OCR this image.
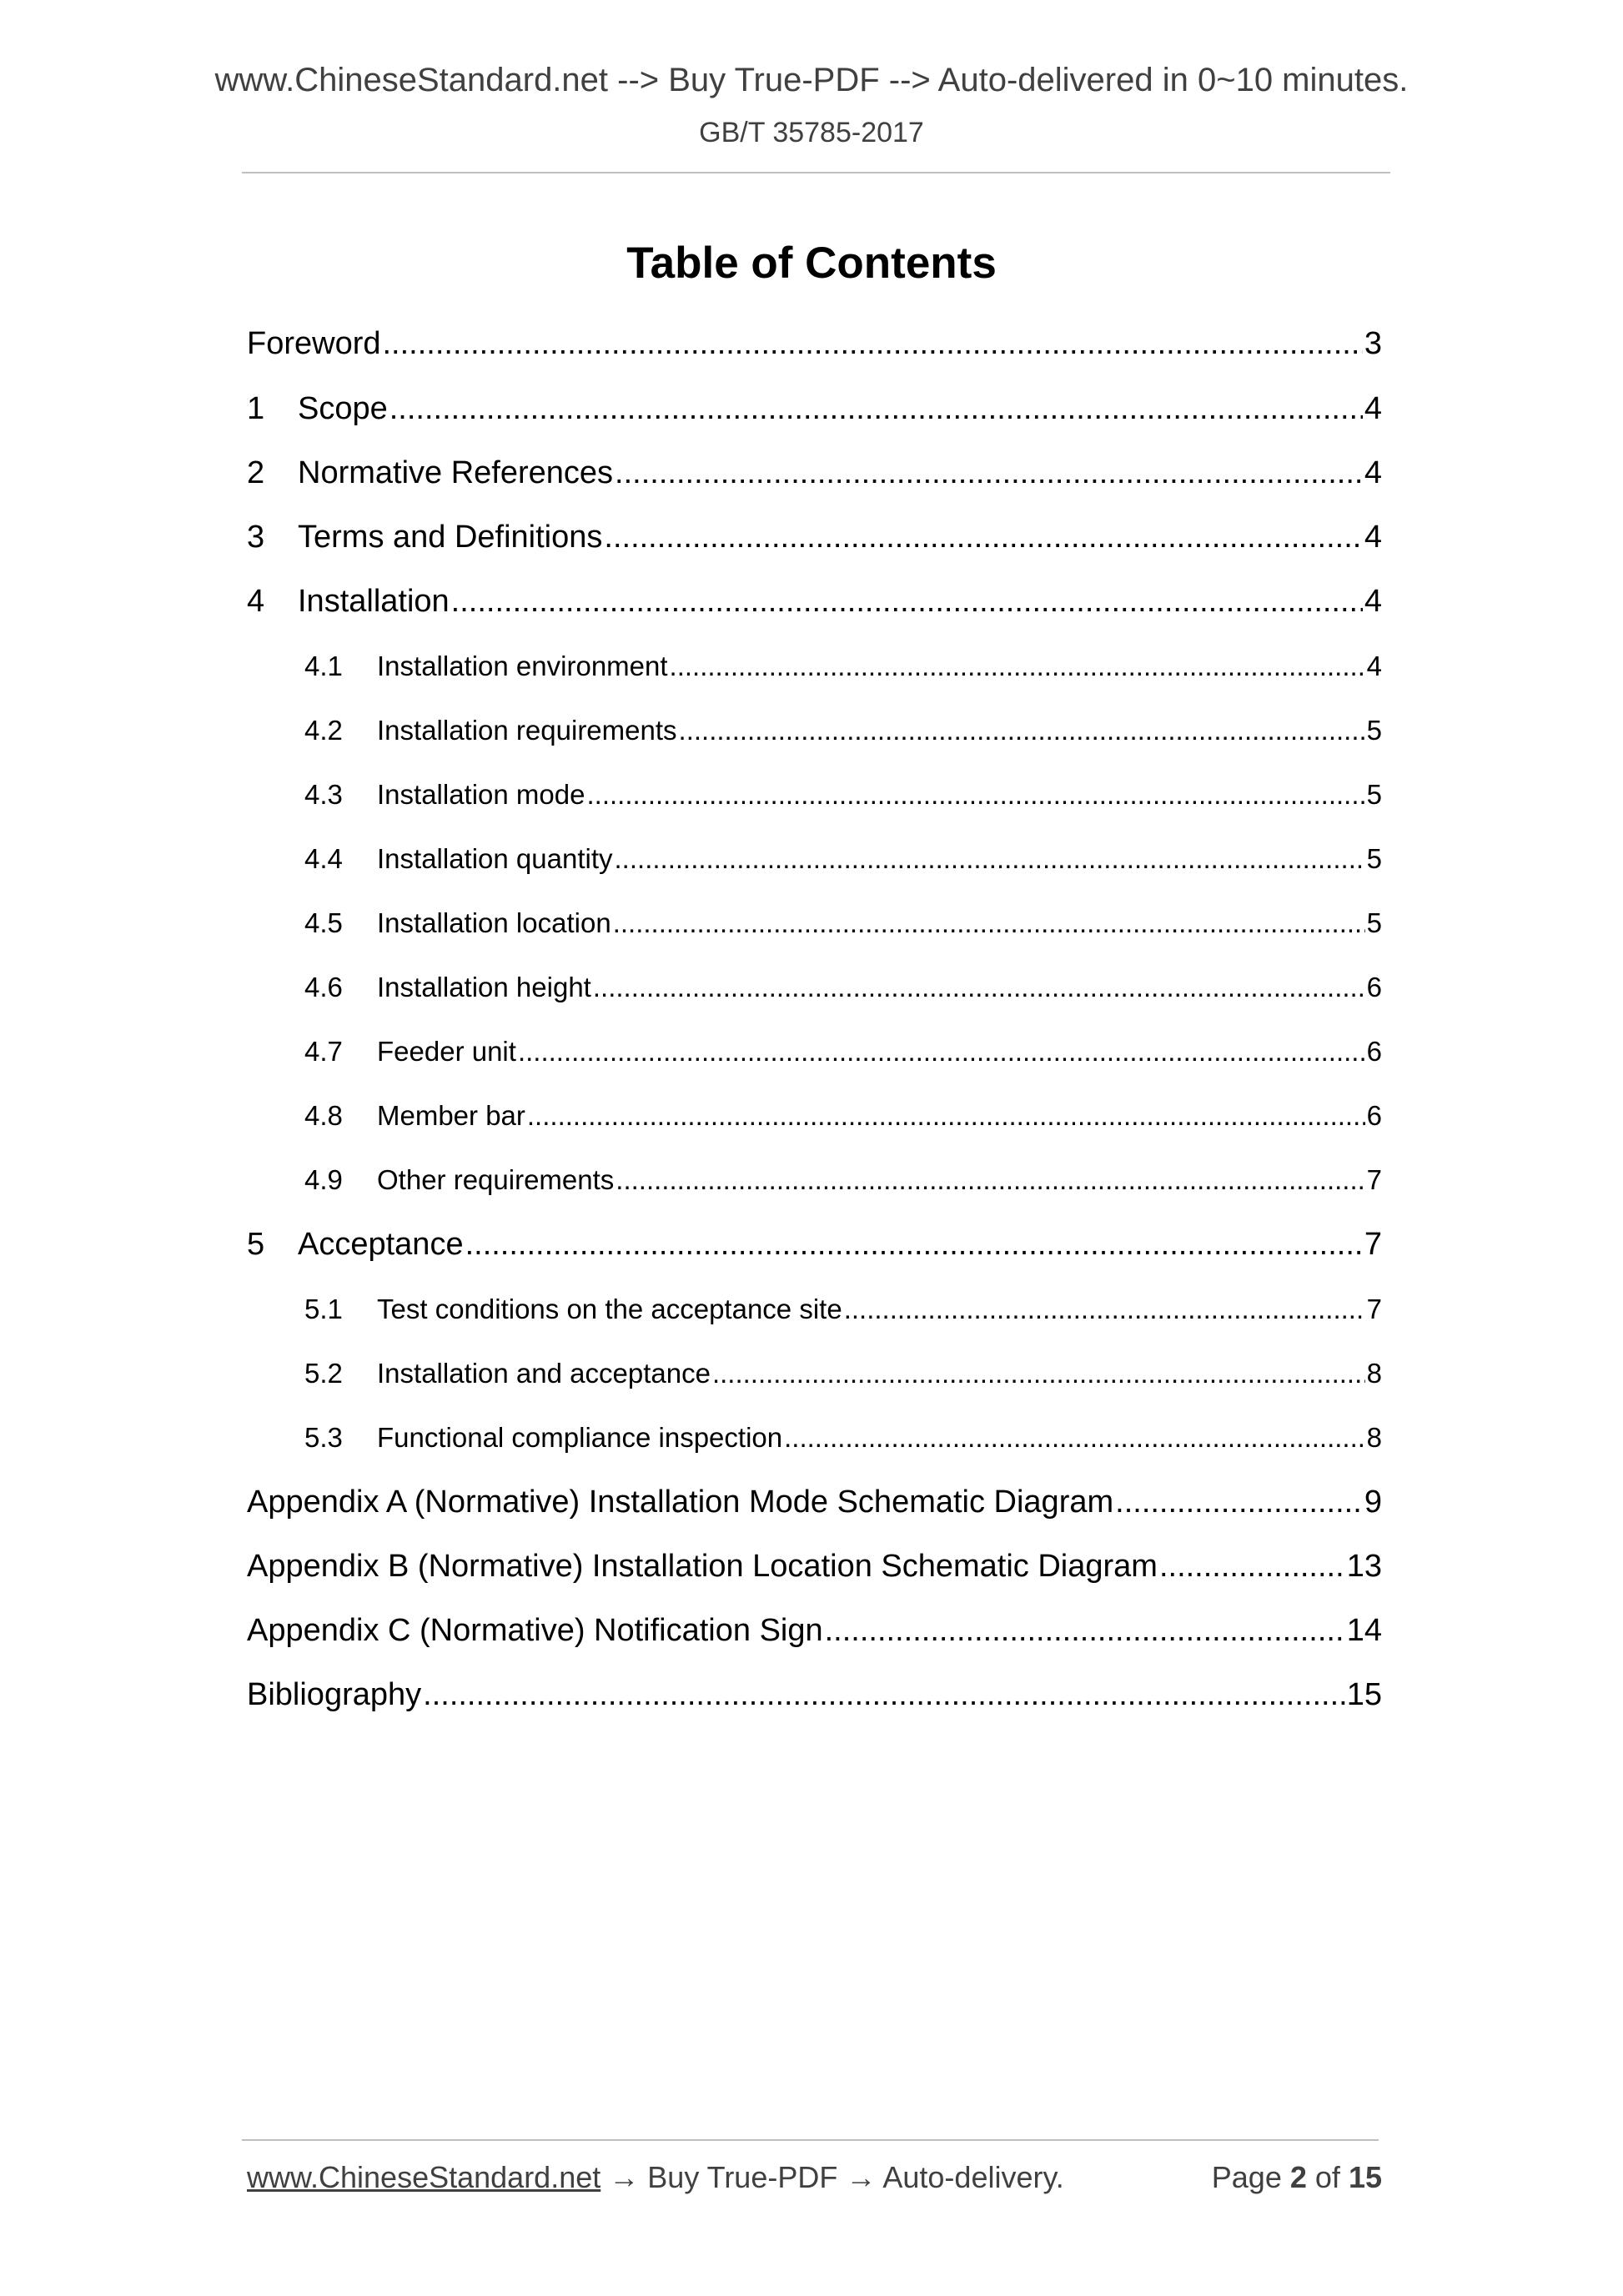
www.ChineseStandard.net --> Buy True-PDF --> Auto-delivered in 0~10 minutes.
GB/T 35785-2017
Table of Contents
Foreword .....	3
1	Scope .....	4
2	Normative References .....	4
3	Terms and Definitions .....	4
4	Installation .....	4
4.1	Installation environment .....	4
4.2	Installation requirements .....	5
4.3	Installation mode .....	5
4.4	Installation quantity .....	5
4.5	Installation location .....	5
4.6	Installation height .....	6
4.7	Feeder unit .....	6
4.8	Member bar .....	6
4.9	Other requirements .....	7
5	Acceptance .....	7
5.1	Test conditions on the acceptance site .....	7
5.2	Installation and acceptance .....	8
5.3	Functional compliance inspection .....	8
Appendix A (Normative) Installation Mode Schematic Diagram .....	9
Appendix B (Normative) Installation Location Schematic Diagram .....	13
Appendix C (Normative) Notification Sign .....	14
Bibliography .....	15
www.ChineseStandard.net → Buy True-PDF → Auto-delivery.	Page 2 of 15
